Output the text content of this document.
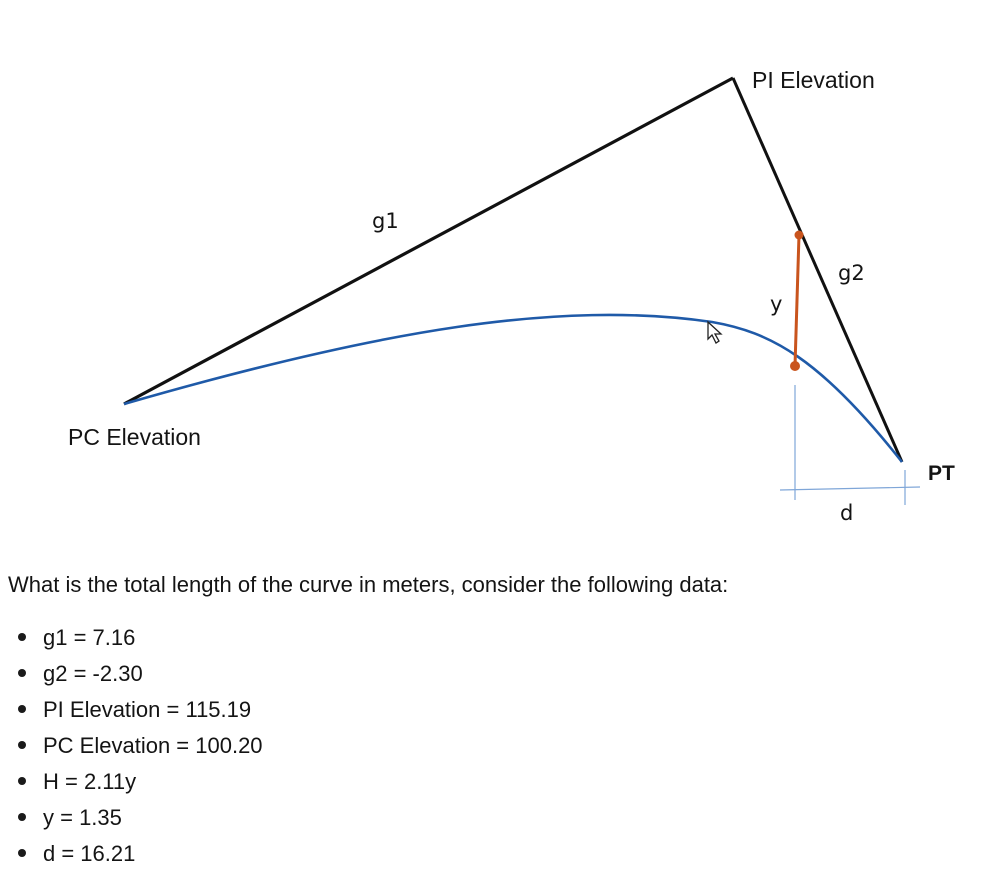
PI Elevation
PC Elevation
PT
g1
g2
y
d

What is the total length of the curve in meters, consider the following data:

g1 = 7.16
g2 = -2.30
PI Elevation = 115.19
PC Elevation = 100.20
H = 2.11y
y = 1.35
d = 16.21
